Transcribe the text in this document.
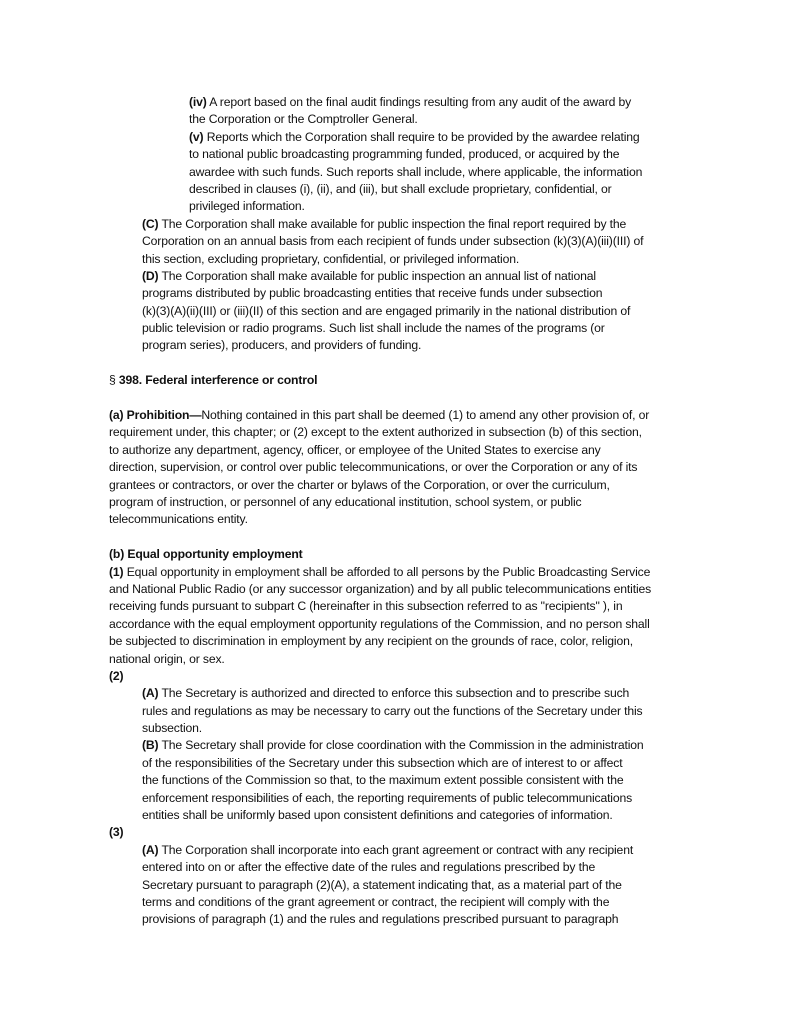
(iv) A report based on the final audit findings resulting from any audit of the award by
the Corporation or the Comptroller General.
(v) Reports which the Corporation shall require to be provided by the awardee relating
to national public broadcasting programming funded, produced, or acquired by the
awardee with such funds. Such reports shall include, where applicable, the information
described in clauses (i), (ii), and (iii), but shall exclude proprietary, confidential, or
privileged information.
(C) The Corporation shall make available for public inspection the final report required by the
Corporation on an annual basis from each recipient of funds under subsection (k)(3)(A)(iii)(III) of
this section, excluding proprietary, confidential, or privileged information.
(D) The Corporation shall make available for public inspection an annual list of national
programs distributed by public broadcasting entities that receive funds under subsection
(k)(3)(A)(ii)(III) or (iii)(II) of this section and are engaged primarily in the national distribution of
public television or radio programs. Such list shall include the names of the programs (or
program series), producers, and providers of funding.
§ 398. Federal interference or control
(a) Prohibition—Nothing contained in this part shall be deemed (1) to amend any other provision of, or
requirement under, this chapter; or (2) except to the extent authorized in subsection (b) of this section,
to authorize any department, agency, officer, or employee of the United States to exercise any
direction, supervision, or control over public telecommunications, or over the Corporation or any of its
grantees or contractors, or over the charter or bylaws of the Corporation, or over the curriculum,
program of instruction, or personnel of any educational institution, school system, or public
telecommunications entity.
(b) Equal opportunity employment
(1) Equal opportunity in employment shall be afforded to all persons by the Public Broadcasting Service
and National Public Radio (or any successor organization) and by all public telecommunications entities
receiving funds pursuant to subpart C (hereinafter in this subsection referred to as "recipients" ), in
accordance with the equal employment opportunity regulations of the Commission, and no person shall
be subjected to discrimination in employment by any recipient on the grounds of race, color, religion,
national origin, or sex.
(2)
(A) The Secretary is authorized and directed to enforce this subsection and to prescribe such
rules and regulations as may be necessary to carry out the functions of the Secretary under this
subsection.
(B) The Secretary shall provide for close coordination with the Commission in the administration
of the responsibilities of the Secretary under this subsection which are of interest to or affect
the functions of the Commission so that, to the maximum extent possible consistent with the
enforcement responsibilities of each, the reporting requirements of public telecommunications
entities shall be uniformly based upon consistent definitions and categories of information.
(3)
(A) The Corporation shall incorporate into each grant agreement or contract with any recipient
entered into on or after the effective date of the rules and regulations prescribed by the
Secretary pursuant to paragraph (2)(A), a statement indicating that, as a material part of the
terms and conditions of the grant agreement or contract, the recipient will comply with the
provisions of paragraph (1) and the rules and regulations prescribed pursuant to paragraph
